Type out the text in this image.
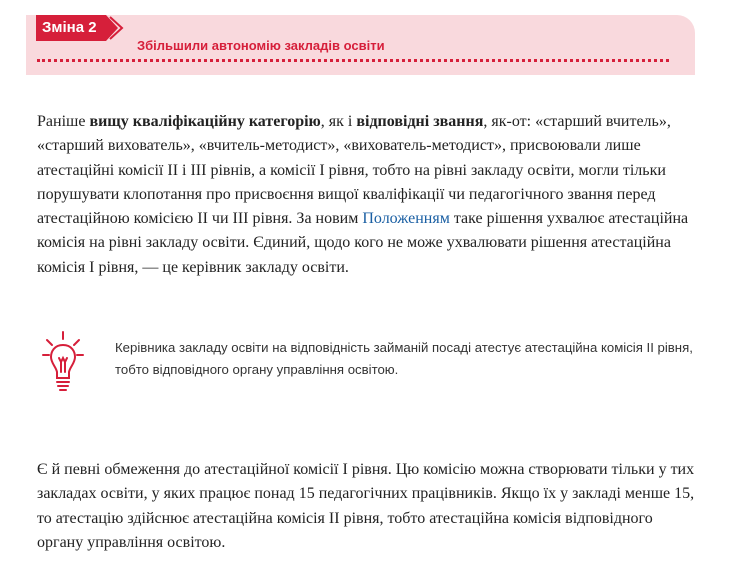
Зміна 2
Збільшили автономію закладів освіти
Раніше вищу кваліфікаційну категорію, як і відповідні звання, як-от: «старший вчитель», «старший вихователь», «вчитель-методист», «вихователь-методист», присвоювали лише атестаційні комісії ІІ і ІІІ рівнів, а комісії І рівня, тобто на рівні закладу освіти, могли тільки порушувати клопотання про присвоєння вищої кваліфікації чи педагогічного звання перед атестаційною комісією ІІ чи ІІІ рівня. За новим Положенням таке рішення ухвалює атестаційна комісія на рівні закладу освіти. Єдиний, щодо кого не може ухвалювати рішення атестаційна комісія І рівня, — це керівник закладу освіти.
Керівника закладу освіти на відповідність займаній посаді атестує атестаційна комісія ІІ рівня, тобто відповідного органу управління освітою.
Є й певні обмеження до атестаційної комісії І рівня. Цю комісію можна створювати тільки у тих закладах освіти, у яких працює понад 15 педагогічних працівників. Якщо їх у закладі менше 15, то атестацію здійснює атестаційна комісія ІІ рівня, тобто атестаційна комісія відповідного органу управління освітою.
